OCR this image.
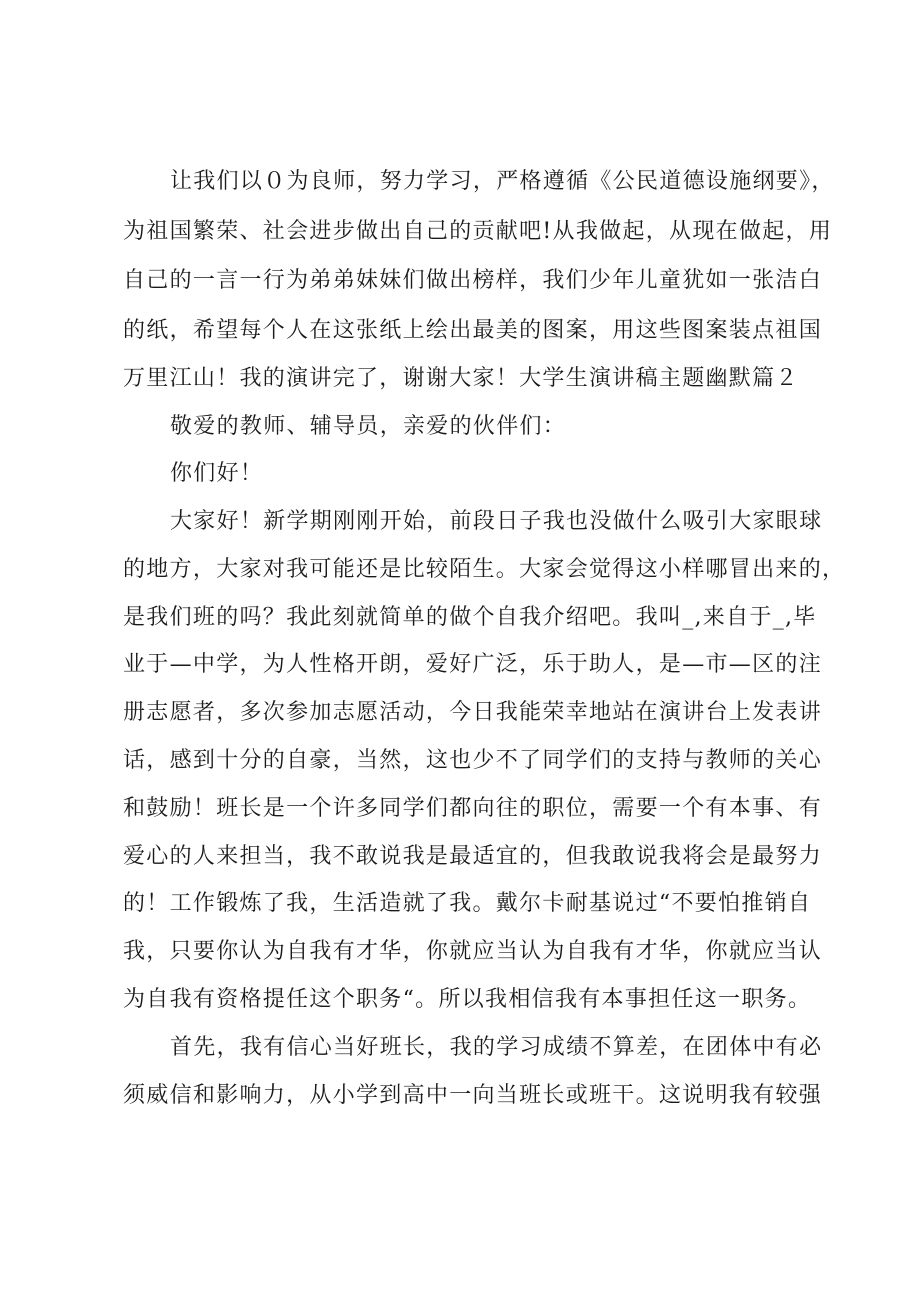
让我们以０为良师，努力学习，严格遵循《公民道德设施纲要》，

为祖国繁荣、社会进步做出自己的贡献吧!从我做起，从现在做起，用

自己的一言一行为弟弟妹妹们做出榜样，我们少年儿童犹如一张洁白

的纸，希望每个人在这张纸上绘出最美的图案，用这些图案装点祖国

万里江山！我的演讲完了，谢谢大家！大学生演讲稿主题幽默篇２

敬爱的教师、辅导员，亲爱的伙伴们：

你们好！

大家好！新学期刚刚开始，前段日子我也没做什么吸引大家眼球

的地方，大家对我可能还是比较陌生。大家会觉得这小样哪冒出来的，

是我们班的吗？我此刻就简单的做个自我介绍吧。我叫_,来自于_,毕

业于—中学，为人性格开朗，爱好广泛，乐于助人，是—市—区的注

册志愿者，多次参加志愿活动，今日我能荣幸地站在演讲台上发表讲

话，感到十分的自豪，当然，这也少不了同学们的支持与教师的关心

和鼓励！班长是一个许多同学们都向往的职位，需要一个有本事、有

爱心的人来担当，我不敢说我是最适宜的，但我敢说我将会是最努力

的！工作锻炼了我，生活造就了我。戴尔卡耐基说过“不要怕推销自

我，只要你认为自我有才华，你就应当认为自我有才华，你就应当认

为自我有资格提任这个职务“。所以我相信我有本事担任这一职务。

首先，我有信心当好班长，我的学习成绩不算差，在团体中有必

须威信和影响力，从小学到高中一向当班长或班干。这说明我有较强
